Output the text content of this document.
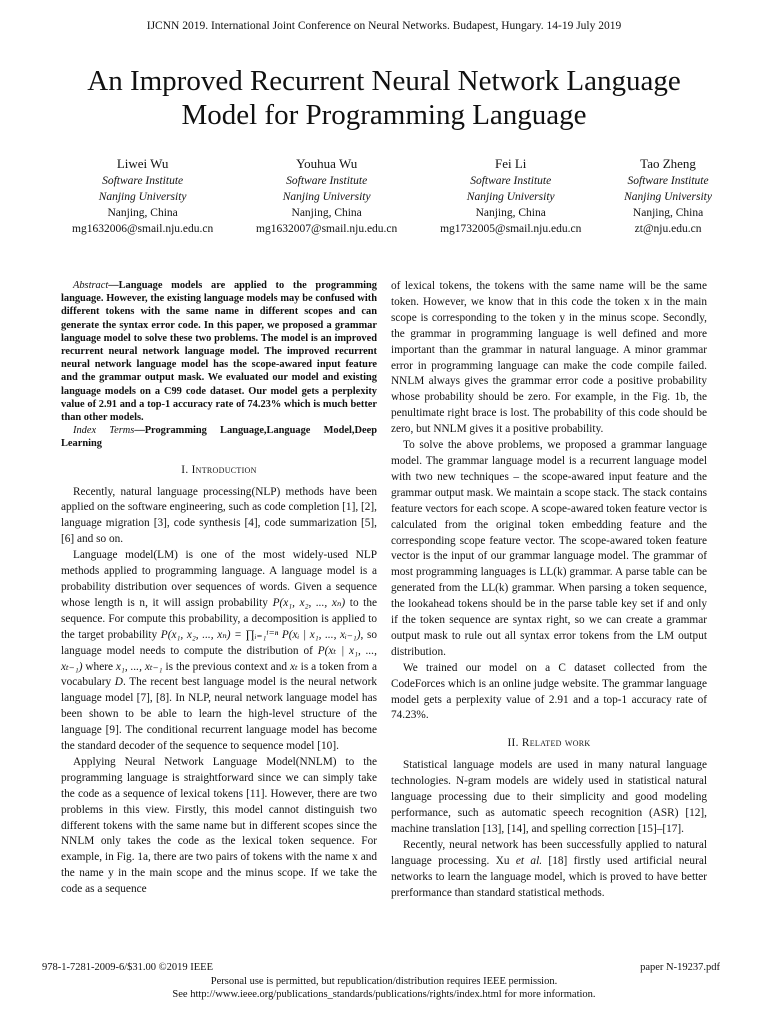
IJCNN 2019. International Joint Conference on Neural Networks. Budapest, Hungary. 14-19 July 2019
An Improved Recurrent Neural Network Language
Model for Programming Language
Liwei Wu
Software Institute
Nanjing University
Nanjing, China
mg1632006@smail.nju.edu.cn
Youhua Wu
Software Institute
Nanjing University
Nanjing, China
mg1632007@smail.nju.edu.cn
Fei Li
Software Institute
Nanjing University
Nanjing, China
mg1732005@smail.nju.edu.cn
Tao Zheng
Software Institute
Nanjing University
Nanjing, China
zt@nju.edu.cn

Abstract—Language models are applied to the programming language. However, the existing language models may be confused with different tokens with the same name in different scopes and can generate the syntax error code. In this paper, we proposed a grammar language model to solve these two problems. The model is an improved recurrent neural network language model. The improved recurrent neural network language model has the scope-awared input feature and the grammar output mask. We evaluated our model and existing language models on a C99 code dataset. Our model gets a perplexity value of 2.91 and a top-1 accuracy rate of 74.23% which is much better than other models.

Index Terms—Programming Language,Language Model,Deep Learning

I. Introduction

Recently, natural language processing(NLP) methods have been applied on the software engineering, such as code completion [1], [2], language migration [3], code synthesis [4], code summarization [5], [6] and so on.

Language model(LM) is one of the most widely-used NLP methods applied to programming language. A language model is a probability distribution over sequences of words. Given a sequence whose length is n, it will assign probability P(x₁, x₂, ..., xₙ) to the sequence. For compute this probability, a decomposition is applied to the target probability P(x₁, x₂, ..., xₙ) = ∏ᵢ₌₁ⁱ⁼ⁿ P(xᵢ | x₁, ..., xᵢ₋₁), so language model needs to compute the distribution of P(xₜ | x₁, ..., xₜ₋₁) where x₁, ..., xₜ₋₁ is the previous context and xₜ is a token from a vocabulary D. The recent best language model is the neural network language model [7], [8]. In NLP, neural network language model has been shown to be able to learn the high-level structure of the language [9]. The conditional recurrent language model has become the standard decoder of the sequence to sequence model [10].

Applying Neural Network Language Model(NNLM) to the programming language is straightforward since we can simply take the code as a sequence of lexical tokens [11]. However, there are two problems in this view. Firstly, this model cannot distinguish two different tokens with the same name but in different scopes since the NNLM only takes the code as the lexical token sequence. For example, in Fig. 1a, there are two pairs of tokens with the name x and the name y in the main scope and the minus scope. If we take the code as a sequence

of lexical tokens, the tokens with the same name will be the same token. However, we know that in this code the token x in the main scope is corresponding to the token y in the minus scope. Secondly, the grammar in programming language is well defined and more important than the grammar in natural language. A minor grammar error in programming language can make the code compile failed. NNLM always gives the grammar error code a positive probability whose probability should be zero. For example, in the Fig. 1b, the penultimate right brace is lost. The probability of this code should be zero, but NNLM gives it a positive probability.

To solve the above problems, we proposed a grammar language model. The grammar language model is a recurrent language model with two new techniques – the scope-awared input feature and the grammar output mask. We maintain a scope stack. The stack contains feature vectors for each scope. A scope-awared token feature vector is calculated from the original token embedding feature and the corresponding scope feature vector. The scope-awared token feature vector is the input of our grammar language model. The grammar of most programming languages is LL(k) grammar. A parse table can be generated from the LL(k) grammar. When parsing a token sequence, the lookahead tokens should be in the parse table key set if and only if the token sequence are syntax right, so we can create a grammar output mask to rule out all syntax error tokens from the LM output distribution.

We trained our model on a C dataset collected from the CodeForces which is an online judge website. The grammar language model gets a perplexity value of 2.91 and a top-1 accuracy rate of 74.23%.

II. Related work

Statistical language models are used in many natural language technologies. N-gram models are widely used in statistical natural language processing due to their simplicity and good modeling performance, such as automatic speech recognition (ASR) [12], machine translation [13], [14], and spelling correction [15]–[17].

Recently, neural network has been successfully applied to natural language processing. Xu et al. [18] firstly used artificial neural networks to learn the language model, which is proved to have better prerformance than standard statistical methods.

978-1-7281-2009-6/$31.00 ©2019 IEEE	paper N-19237.pdf
Personal use is permitted, but republication/distribution requires IEEE permission.
See http://www.ieee.org/publications_standards/publications/rights/index.html for more information.
